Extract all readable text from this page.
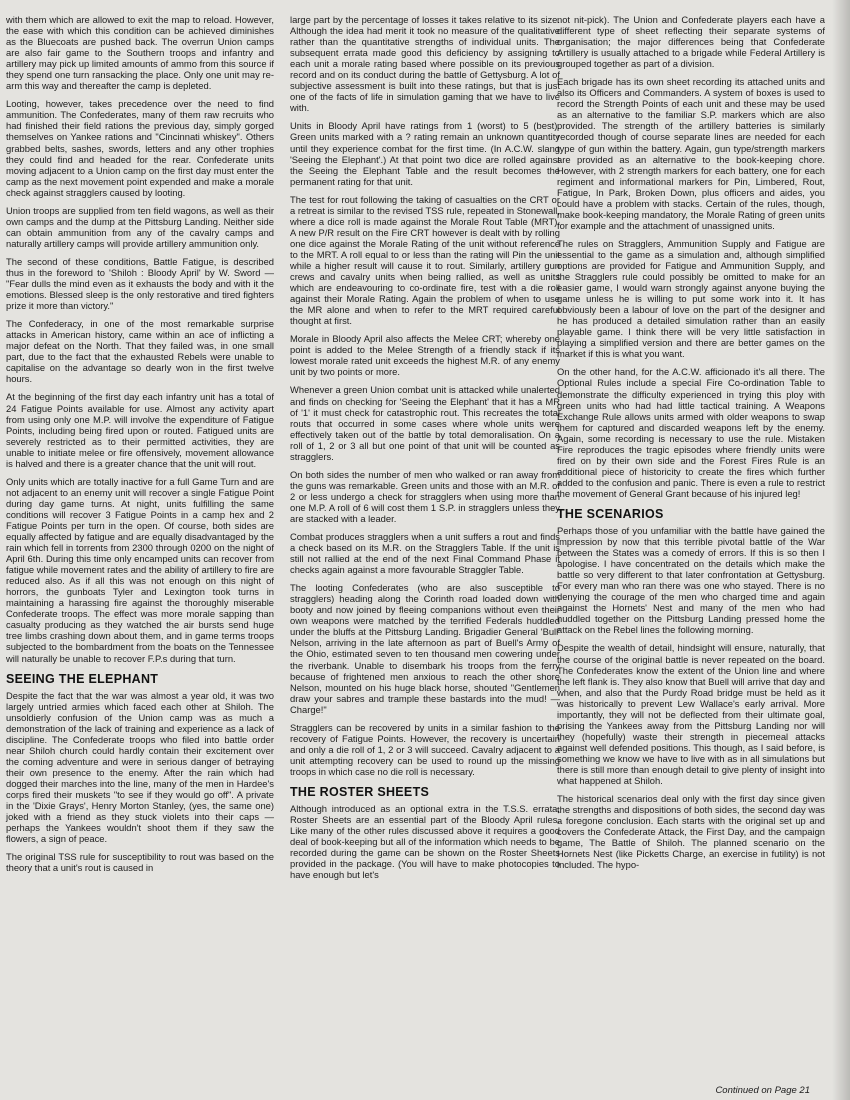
with them which are allowed to exit the map to reload. However, the ease with which this condition can be achieved diminishes as the Bluecoats are pushed back. The overrun Union camps are also fair game to the Southern troops and infantry and artillery may pick up limited amounts of ammo from this source if they spend one turn ransacking the place. Only one unit may re-arm this way and thereafter the camp is depleted.

Looting, however, takes precedence over the need to find ammunition. The Confederates, many of them raw recruits who had finished their field rations the previous day, simply gorged themselves on Yankee rations and "Cincinnati whiskey". Others grabbed belts, sashes, swords, letters and any other trophies they could find and headed for the rear. Confederate units moving adjacent to a Union camp on the first day must enter the camp as the next movement point expended and make a morale check against stragglers caused by looting.

Union troops are supplied from ten field wagons, as well as their own camps and the dump at the Pittsburg Landing. Neither side can obtain ammunition from any of the cavalry camps and naturally artillery camps will provide artillery ammunition only.

The second of these conditions, Battle Fatigue, is described thus in the foreword to 'Shiloh : Bloody April' by W. Sword — "Fear dulls the mind even as it exhausts the body and with it the emotions. Blessed sleep is the only restorative and tired fighters prize it more than victory."

The Confederacy, in one of the most remarkable surprise attacks in American history, came within an ace of inflicting a major defeat on the North. That they failed was, in one small part, due to the fact that the exhausted Rebels were unable to capitalise on the advantage so dearly won in the first twelve hours.

At the beginning of the first day each infantry unit has a total of 24 Fatigue Points available for use. Almost any activity apart from using only one M.P. will involve the expenditure of Fatigue Points, including being fired upon or routed. Fatigued units are severely restricted as to their permitted activities, they are unable to initiate melee or fire offensively, movement allowance is halved and there is a greater chance that the unit will rout.

Only units which are totally inactive for a full Game Turn and are not adjacent to an enemy unit will recover a single Fatigue Point during day game turns. At night, units fulfilling the same conditions will recover 3 Fatigue Points in a camp hex and 2 Fatigue Points per turn in the open. Of course, both sides are equally affected by fatigue and are equally disadvantaged by the rain which fell in torrents from 2300 through 0200 on the night of April 6th. During this time only encamped units can recover from fatigue while movement rates and the ability of artillery to fire are reduced also. As if all this was not enough on this night of horrors, the gunboats Tyler and Lexington took turns in maintaining a harassing fire against the thoroughly miserable Confederate troops. The effect was more morale sapping than casualty producing as they watched the air bursts send huge tree limbs crashing down about them, and in game terms troops subjected to the bombardment from the boats on the Tennessee will naturally be unable to recover F.P.s during that turn.

SEEING THE ELEPHANT

Despite the fact that the war was almost a year old, it was two largely untried armies which faced each other at Shiloh. The unsoldierly confusion of the Union camp was as much a demonstration of the lack of training and experience as a lack of discipline. The Confederate troops who filed into battle order near Shiloh church could hardly contain their excitement over the coming adventure and were in serious danger of betraying their own presence to the enemy. After the rain which had dogged their marches into the line, many of the men in Hardee's corps fired their muskets "to see if they would go off". A private in the 'Dixie Grays', Henry Morton Stanley, (yes, the same one) joked with a friend as they stuck violets into their caps — perhaps the Yankees wouldn't shoot them if they saw the flowers, a sign of peace.

The original TSS rule for susceptibility to rout was based on the theory that a unit's rout is caused in

large part by the percentage of losses it takes relative to its size. Although the idea had merit it took no measure of the qualitative rather than the quantitative strengths of individual units. The subsequent errata made good this deficiency by assigning to each unit a morale rating based where possible on its previous record and on its conduct during the battle of Gettysburg. A lot of subjective assessment is built into these ratings, but that is just one of the facts of life in simulation gaming that we have to live with.

Units in Bloody April have ratings from 1 (worst) to 5 (best). Green units marked with a ? rating remain an unknown quantity until they experience combat for the first time. (In A.C.W. slang 'Seeing the Elephant'.) At that point two dice are rolled against the Seeing the Elephant Table and the result becomes the permanent rating for that unit.

The test for rout following the taking of casualties on the CRT or a retreat is similar to the revised TSS rule, repeated in Stonewall, where a dice roll is made against the Morale Rout Table (MRT). A new P/R result on the Fire CRT however is dealt with by rolling one dice against the Morale Rating of the unit without reference to the MRT. A roll equal to or less than the rating will Pin the unit while a higher result will cause it to rout. Similarly, artillery gun crews and cavalry units when being rallied, as well as units which are endeavouring to co-ordinate fire, test with a die roll against their Morale Rating. Again the problem of when to use the MR alone and when to refer to the MRT required careful thought at first.

Morale in Bloody April also affects the Melee CRT; whereby one point is added to the Melee Strength of a friendly stack if its lowest morale rated unit exceeds the highest M.R. of any enemy unit by two points or more.

Whenever a green Union combat unit is attacked while unalerted and finds on checking for 'Seeing the Elephant' that it has a MR of '1' it must check for catastrophic rout. This recreates the total routs that occurred in some cases where whole units were effectively taken out of the battle by total demoralisation. On a roll of 1, 2 or 3 all but one point of that unit will be counted as stragglers.

On both sides the number of men who walked or ran away from the guns was remarkable. Green units and those with an M.R. of 2 or less undergo a check for stragglers when using more than one M.P. A roll of 6 will cost them 1 S.P. in stragglers unless they are stacked with a leader.

Combat produces stragglers when a unit suffers a rout and finds a check based on its M.R. on the Stragglers Table. If the unit is still not rallied at the end of the next Final Command Phase it checks again against a more favourable Straggler Table.

The looting Confederates (who are also susceptible to stragglers) heading along the Corinth road loaded down with booty and now joined by fleeing companions without even their own weapons were matched by the terrified Federals huddled under the bluffs at the Pittsburg Landing. Brigadier General 'Bull' Nelson, arriving in the late afternoon as part of Buell's Army of the Ohio, estimated seven to ten thousand men cowering under the riverbank. Unable to disembark his troops from the ferry because of frightened men anxious to reach the other shore Nelson, mounted on his huge black horse, shouted "Gentlemen draw your sabres and trample these bastards into the mud! — Charge!"

Stragglers can be recovered by units in a similar fashion to the recovery of Fatigue Points. However, the recovery is uncertain and only a die roll of 1, 2 or 3 will succeed. Cavalry adjacent to a unit attempting recovery can be used to round up the missing troops in which case no die roll is necessary.

THE ROSTER SHEETS

Although introduced as an optional extra in the T.S.S. errata, Roster Sheets are an essential part of the Bloody April rules. Like many of the other rules discussed above it requires a good deal of book-keeping but all of the information which needs to be recorded during the game can be shown on the Roster Sheets provided in the package. (You will have to make photocopies to have enough but let's

not nit-pick). The Union and Confederate players each have a different type of sheet reflecting their separate systems of organisation; the major differences being that Confederate Artillery is usually attached to a brigade while Federal Artillery is grouped together as part of a division.

Each brigade has its own sheet recording its attached units and also its Officers and Commanders. A system of boxes is used to record the Strength Points of each unit and these may be used as an alternative to the familiar S.P. markers which are also provided. The strength of the artillery batteries is similarly recorded though of course separate lines are needed for each type of gun within the battery. Again, gun type/strength markers are provided as an alternative to the book-keeping chore. However, with 2 strength markers for each battery, one for each regiment and informational markers for Pin, Limbered, Rout, Fatigue, In Park, Broken Down, plus officers and aides, you could have a problem with stacks. Certain of the rules, though, make book-keeping mandatory, the Morale Rating of green units for example and the attachment of unassigned units.

The rules on Stragglers, Ammunition Supply and Fatigue are essential to the game as a simulation and, although simplified options are provided for Fatigue and Ammunition Supply, and the Stragglers rule could possibly be omitted to make for an easier game, I would warn strongly against anyone buying the game unless he is willing to put some work into it. It has obviously been a labour of love on the part of the designer and he has produced a detailed simulation rather than an easily playable game. I think there will be very little satisfaction in playing a simplified version and there are better games on the market if this is what you want.

On the other hand, for the A.C.W. afficionado it's all there. The Optional Rules include a special Fire Co-ordination Table to demonstrate the difficulty experienced in trying this ploy with green units who had had little tactical training. A Weapons Exchange Rule allows units armed with older weapons to swap them for captured and discarded weapons left by the enemy. Again, some recording is necessary to use the rule. Mistaken Fire reproduces the tragic episodes where friendly units were fired on by their own side and the Forest Fires Rule is an additional piece of historicity to create the fires which further added to the confusion and panic. There is even a rule to restrict the movement of General Grant because of his injured leg!

THE SCENARIOS

Perhaps those of you unfamiliar with the battle have gained the impression by now that this terrible pivotal battle of the War between the States was a comedy of errors. If this is so then I apologise. I have concentrated on the details which make the battle so very different to that later confrontation at Gettysburg. For every man who ran there was one who stayed. There is no denying the courage of the men who charged time and again against the Hornets' Nest and many of the men who had huddled together on the Pittsburg Landing pressed home the attack on the Rebel lines the following morning.

Despite the wealth of detail, hindsight will ensure, naturally, that the course of the original battle is never repeated on the board. The Confederates know the extent of the Union line and where the left flank is. They also know that Buell will arrive that day and when, and also that the Purdy Road bridge must be held as it was historically to prevent Lew Wallace's early arrival. More importantly, they will not be deflected from their ultimate goal, prising the Yankees away from the Pittsburg Landing nor will they (hopefully) waste their strength in piecemeal attacks against well defended positions. This though, as I said before, is something we know we have to live with as in all simulations but there is still more than enough detail to give plenty of insight into what happened at Shiloh.

The historical scenarios deal only with the first day since given the strengths and dispositions of both sides, the second day was a foregone conclusion. Each starts with the original set up and covers the Confederate Attack, the First Day, and the campaign game, The Battle of Shiloh. The planned scenario on the Hornets Nest (like Picketts Charge, an exercise in futility) is not included. The hypo-

Continued on Page 21
